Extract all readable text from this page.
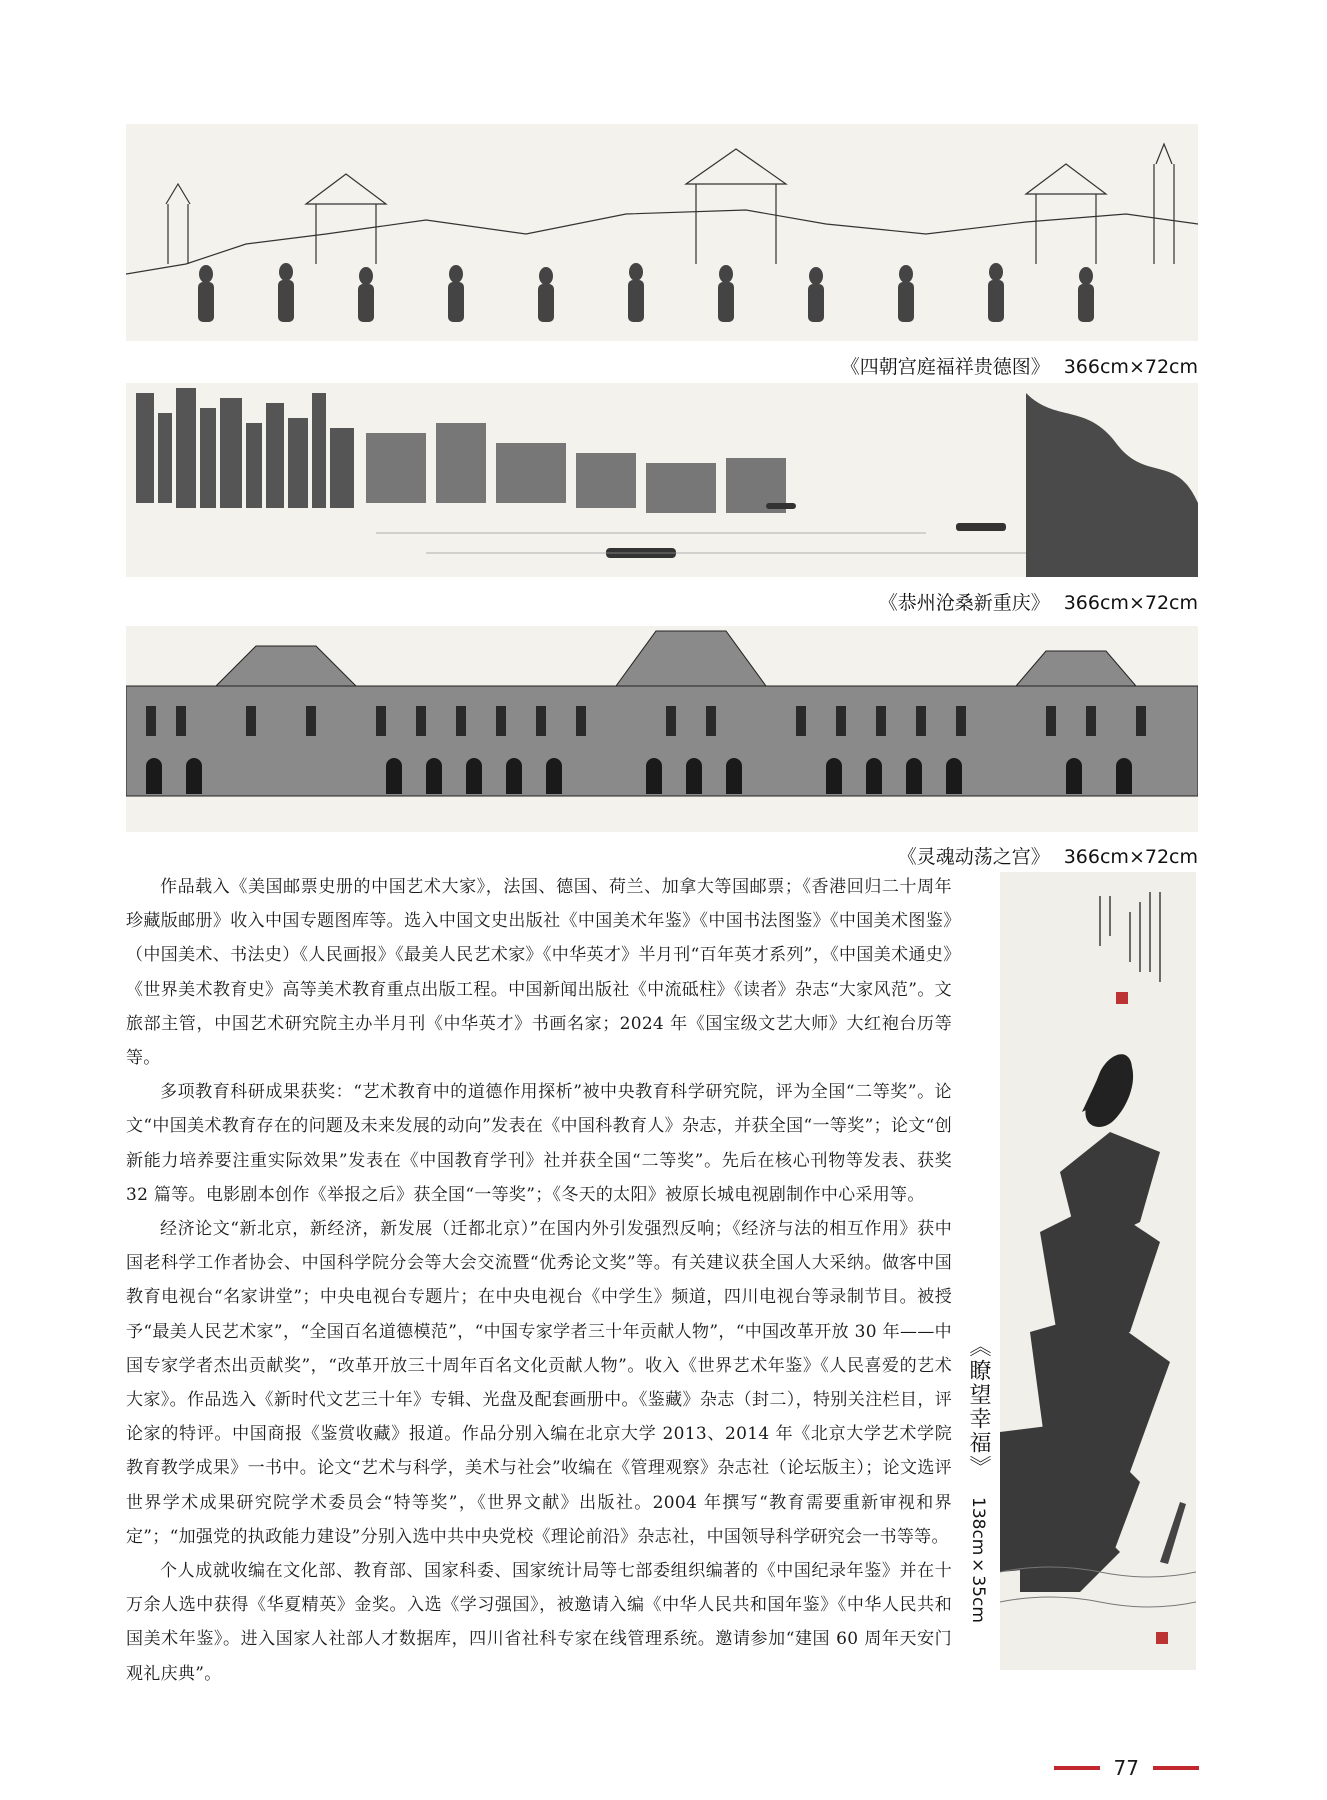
《四朝宫庭福祥贵德图》 366cm×72cm
《恭州沧桑新重庆》 366cm×72cm
《灵魂动荡之宫》 366cm×72cm

作品载入《美国邮票史册的中国艺术大家》，法国、德国、荷兰、加拿大等国邮票；《香港回归二十周年珍藏版邮册》收入中国专题图库等。选入中国文史出版社《中国美术年鉴》《中国书法图鉴》《中国美术图鉴》（中国美术、书法史）《人民画报》《最美人民艺术家》《中华英才》半月刊“百年英才系列”，《中国美术通史》《世界美术教育史》高等美术教育重点出版工程。中国新闻出版社《中流砥柱》《读者》杂志“大家风范”。文旅部主管，中国艺术研究院主办半月刊《中华英才》书画名家；2024 年《国宝级文艺大师》大红袍台历等等。

多项教育科研成果获奖：“艺术教育中的道德作用探析”被中央教育科学研究院，评为全国“二等奖”。论文“中国美术教育存在的问题及未来发展的动向”发表在《中国科教育人》杂志，并获全国“一等奖”；论文“创新能力培养要注重实际效果”发表在《中国教育学刊》社并获全国“二等奖”。先后在核心刊物等发表、获奖 32 篇等。电影剧本创作《举报之后》获全国“一等奖”；《冬天的太阳》被原长城电视剧制作中心采用等。

经济论文“新北京，新经济，新发展（迁都北京）”在国内外引发强烈反响；《经济与法的相互作用》获中国老科学工作者协会、中国科学院分会等大会交流暨“优秀论文奖”等。有关建议获全国人大采纳。做客中国教育电视台“名家讲堂”；中央电视台专题片；在中央电视台《中学生》频道，四川电视台等录制节目。被授予“最美人民艺术家”，“全国百名道德模范”，“中国专家学者三十年贡献人物”，“中国改革开放 30 年——中国专家学者杰出贡献奖”，“改革开放三十周年百名文化贡献人物”。收入《世界艺术年鉴》《人民喜爱的艺术大家》。作品选入《新时代文艺三十年》专辑、光盘及配套画册中。《鉴藏》杂志（封二），特别关注栏目，评论家的特评。中国商报《鉴赏收藏》报道。作品分别入编在北京大学 2013、2014 年《北京大学艺术学院教育教学成果》一书中。论文“艺术与科学，美术与社会”收编在《管理观察》杂志社（论坛版主）；论文选评世界学术成果研究院学术委员会“特等奖”，《世界文献》出版社。2004 年撰写“教育需要重新审视和界定”；“加强党的执政能力建设”分别入选中共中央党校《理论前沿》杂志社，中国领导科学研究会一书等等。

个人成就收编在文化部、教育部、国家科委、国家统计局等七部委组织编著的《中国纪录年鉴》并在十万余人选中获得《华夏精英》金奖。入选《学习强国》，被邀请入编《中华人民共和国年鉴》《中华人民共和国美术年鉴》。进入国家人社部人才数据库，四川省社科专家在线管理系统。邀请参加“建国 60 周年天安门观礼庆典”。

《瞭望幸福》138cm×35cm
77
